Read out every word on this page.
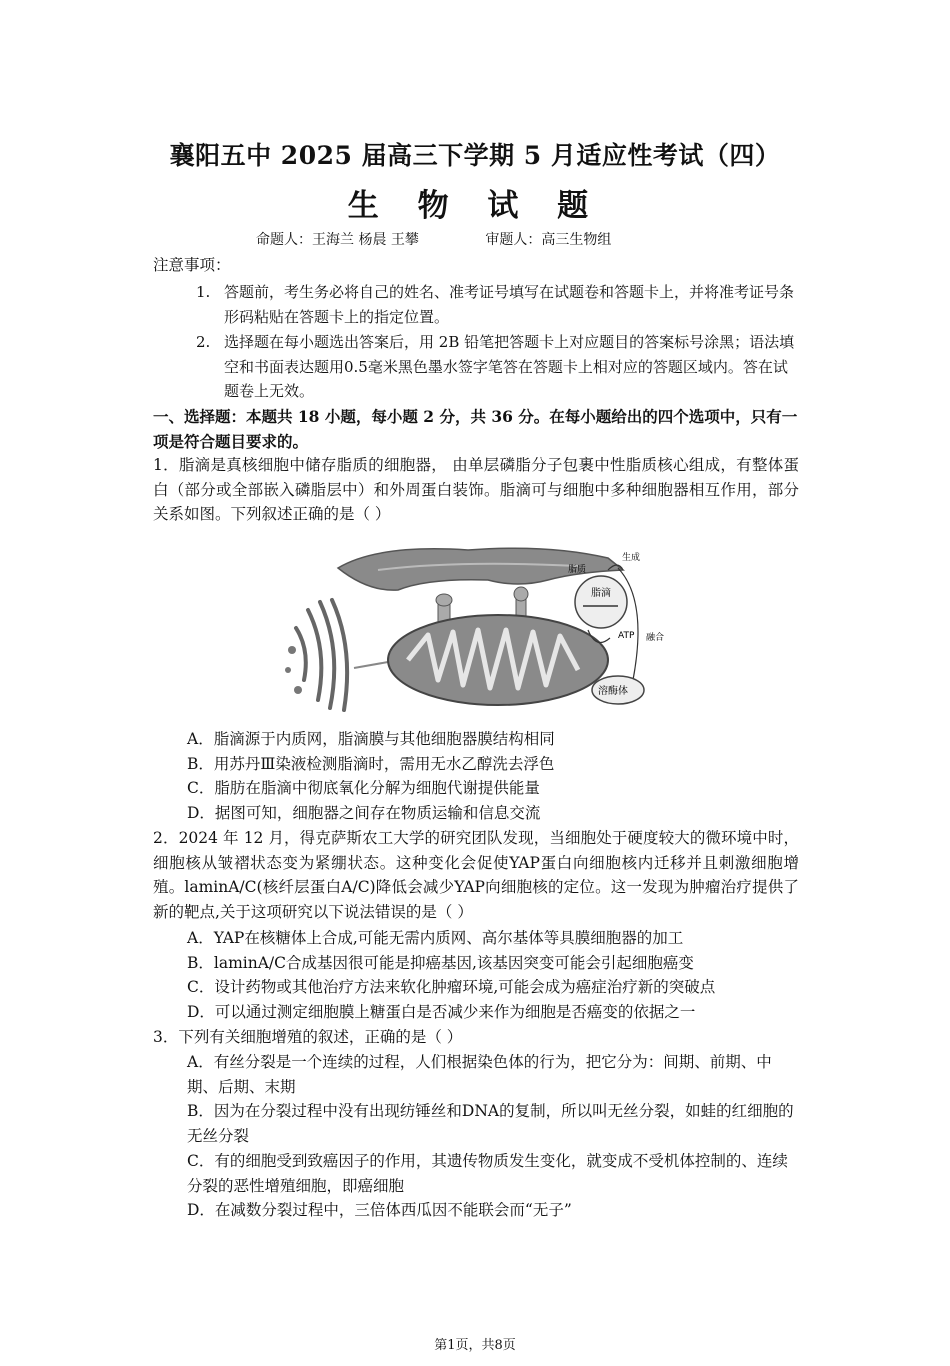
襄阳五中 2025 届高三下学期 5 月适应性考试（四）
生 物 试 题
命题人：王海兰 杨晨 王攀	审题人：高三生物组
注意事项：
1. 答题前，考生务必将自己的姓名、准考证号填写在试题卷和答题卡上，并将准考证号条形码粘贴在答题卡上的指定位置。
2. 选择题在每小题选出答案后，用 2B 铅笔把答题卡上对应题目的答案标号涂黑；语法填空和书面表达题用0.5毫米黑色墨水签字笔答在答题卡上相对应的答题区域内。答在试题卷上无效。
一、选择题：本题共 18 小题，每小题 2 分，共 36 分。在每小题给出的四个选项中，只有一项是符合题目要求的。
1．脂滴是真核细胞中储存脂质的细胞器， 由单层磷脂分子包裹中性脂质核心组成，有整体蛋白（部分或全部嵌入磷脂层中）和外周蛋白装饰。脂滴可与细胞中多种细胞器相互作用，部分关系如图。下列叙述正确的是（ ）
脂滴
脂质
生成
ATP 融合
溶酶体
A．脂滴源于内质网，脂滴膜与其他细胞器膜结构相同
B．用苏丹Ⅲ染液检测脂滴时，需用无水乙醇洗去浮色
C．脂肪在脂滴中彻底氧化分解为细胞代谢提供能量
D．据图可知，细胞器之间存在物质运输和信息交流
2．2024 年 12 月，得克萨斯农工大学的研究团队发现，当细胞处于硬度较大的微环境中时，细胞核从皱褶状态变为紧绷状态。这种变化会促使YAP蛋白向细胞核内迁移并且刺激细胞增殖。laminA/C(核纤层蛋白A/C)降低会减少YAP向细胞核的定位。这一发现为肿瘤治疗提供了新的靶点,关于这项研究以下说法错误的是（ ）
A．YAP在核糖体上合成,可能无需内质网、高尔基体等具膜细胞器的加工
B．laminA/C合成基因很可能是抑癌基因,该基因突变可能会引起细胞癌变
C．设计药物或其他治疗方法来软化肿瘤环境,可能会成为癌症治疗新的突破点
D．可以通过测定细胞膜上糖蛋白是否减少来作为细胞是否癌变的依据之一
3．下列有关细胞增殖的叙述，正确的是（ ）
A．有丝分裂是一个连续的过程，人们根据染色体的行为，把它分为：间期、前期、中期、后期、末期
B．因为在分裂过程中没有出现纺锤丝和DNA的复制，所以叫无丝分裂，如蛙的红细胞的无丝分裂
C．有的细胞受到致癌因子的作用，其遗传物质发生变化，就变成不受机体控制的、连续分裂的恶性增殖细胞，即癌细胞
D．在减数分裂过程中，三倍体西瓜因不能联会而“无子”
第1页，共8页
